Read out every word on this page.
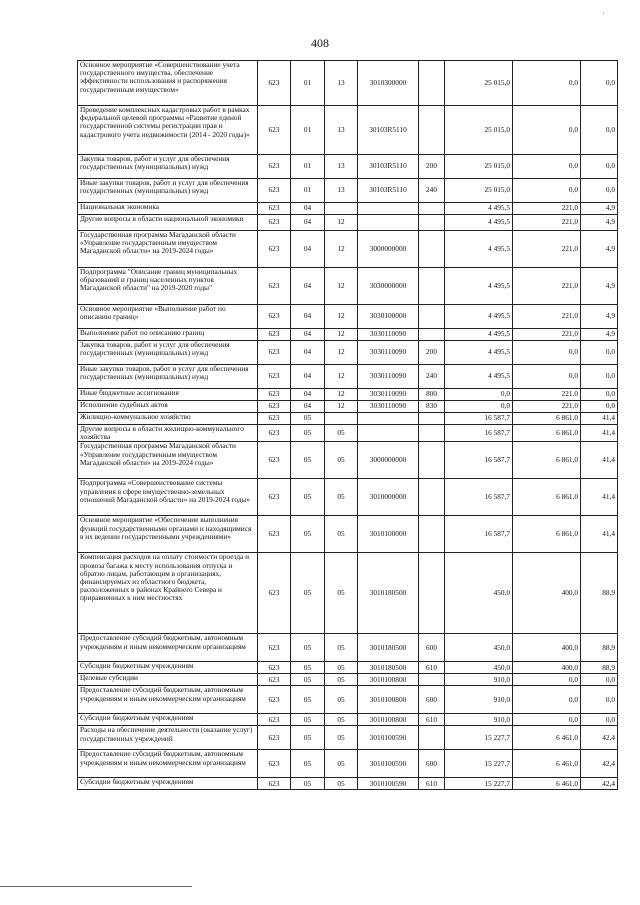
·
408
Основное мероприятие «Совершенствование учета государственного имущества, обеспечение эффективности использования и распоряжения государственным имуществом»	623	01	13	3010300000		25 015,0	0,0	0,0
Проведение комплексных кадастровых работ в рамках федеральной целевой программы «Развитие единой государственной системы регистрации прав и кадастрового учета недвижимости (2014 - 2020 годы)»	623	01	13	30103R5110		25 015,0	0,0	0,0
Закупка товаров, работ и услуг для обеспечения государственных (муниципальных) нужд	623	01	13	30103R5110	200	25 015,0	0,0	0,0
Иные закупки товаров, работ и услуг для обеспечения государственных (муниципальных) нужд	623	01	13	30103R5110	240	25 015,0	0,0	0,0
Национальная экономика	623	04				4 495,5	221,0	4,9
Другие вопросы в области национальной экономики	623	04	12			4 495,5	221,0	4,9
Государственная программа Магаданской области «Управление государственным имуществом Магаданской области» на 2019-2024 годы»	623	04	12	3000000000		4 495,5	221,0	4,9
Подпрограмма "Описание границ муниципальных образований и границ населенных пунктов Магаданской области" на 2019-2020 годы"	623	04	12	3030000000		4 495,5	221,0	4,9
Основное мероприятие «Выполнение работ по описанию границ»	623	04	12	3030100000		4 495,5	221,0	4,9
Выполнение работ по описанию границ	623	04	12	3030110090		4 495,5	221,0	4,9
Закупка товаров, работ и услуг для обеспечения государственных (муниципальных) нужд	623	04	12	3030110090	200	4 495,5	0,0	0,0
Иные закупки товаров, работ и услуг для обеспечения государственных (муниципальных) нужд	623	04	12	3030110090	240	4 495,5	0,0	0,0
Иные бюджетные ассигнования	623	04	12	3030110090	800	0,0	221,0	0,0
Исполнение судебных актов	623	04	12	3030110090	830	0,0	221,0	0,0
Жилищно-коммунальное хозяйство	623	05				16 587,7	6 861,0	41,4
Другие вопросы в области жилищно-коммунального хозяйства	623	05	05			16 587,7	6 861,0	41,4
Государственная программа Магаданской области «Управление государственным имуществом Магаданской области» на 2019-2024 годы»	623	05	05	3000000000		16 587,7	6 861,0	41,4
Подпрограмма «Совершенствование системы управления в сфере имущественно-земельных отношений Магаданской области» на 2019-2024 годы»	623	05	05	3010000000		16 587,7	6 861,0	41,4
Основное мероприятие «Обеспечение выполнения функций государственными органами и находящимися в их ведении государственными учреждениями»	623	05	05	3010100000		16 587,7	6 861,0	41,4
Компенсация расходов на оплату стоимости проезда и провоза багажа к месту использования отпуска и обратно лицам, работающим в организациях, финансируемых из областного бюджета, расположенных в районах Крайнего Севера и приравненных к ним местностях	623	05	05	3010180500		450,0	400,0	88,9
Предоставление субсидий бюджетным, автономным учреждениям и иным некоммерческим организациям	623	05	05	3010180500	600	450,0	400,0	88,9
Субсидии бюджетным учреждениям	623	05	05	3010180500	610	450,0	400,0	88,9
Целевые субсидии	623	05	05	3010100800		910,0	0,0	0,0
Предоставление субсидий бюджетным, автономным учреждениям и иным некоммерческим организациям	623	05	05	3010100800	600	910,0	0,0	0,0
Субсидии бюджетным учреждениям	623	05	05	3010100800	610	910,0	0,0	0,0
Расходы на обеспечение деятельности (оказание услуг) государственных учреждений	623	05	05	3010100590		15 227,7	6 461,0	42,4
Предоставление субсидий бюджетным, автономным учреждениям и иным некоммерческим организациям	623	05	05	3010100590	600	15 227,7	6 461,0	42,4
Субсидии бюджетным учреждениям	623	05	05	3010100590	610	15 227,7	6 461,0	42,4
